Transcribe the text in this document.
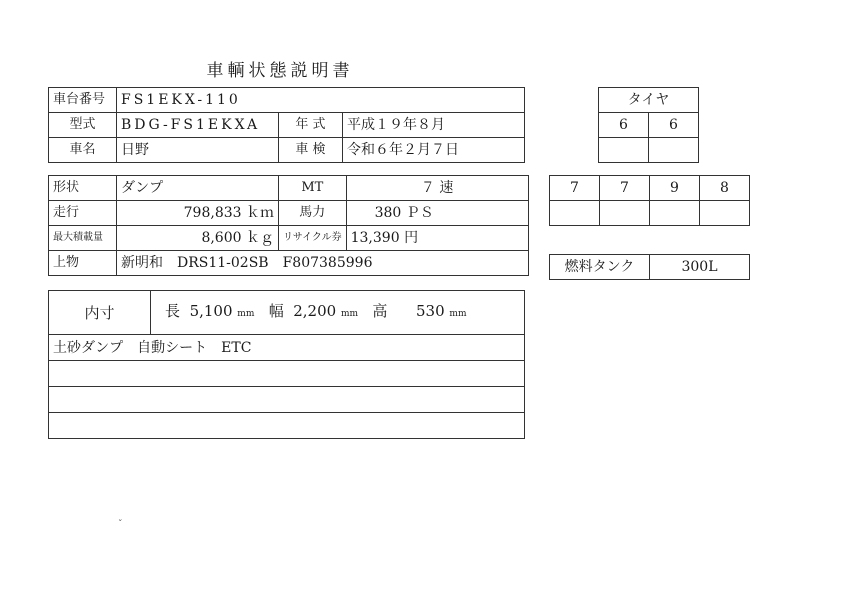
車輌状態説明書
車台番号	FS1EKX-110		
型式	BDG-FS1EKXA	年 式	平成１９年８月
車名	日野	車 検	令和６年２月７日
形状	ダンプ	MT	７ 速
走行	798,833 ｋｍ	馬力	380 ＰＳ
最大積載量	8,600 ｋｇ	リサイクル券	13,390 円
上物	新明和　DRS11-02SB　F807385996		
内寸	長 5,100 mm 幅 2,200 mm 高 530 mm
土砂ダンプ　自動シート　ETC

タイヤ	
6	6

7	7	9	8

燃料タンク	300L
ˇ
